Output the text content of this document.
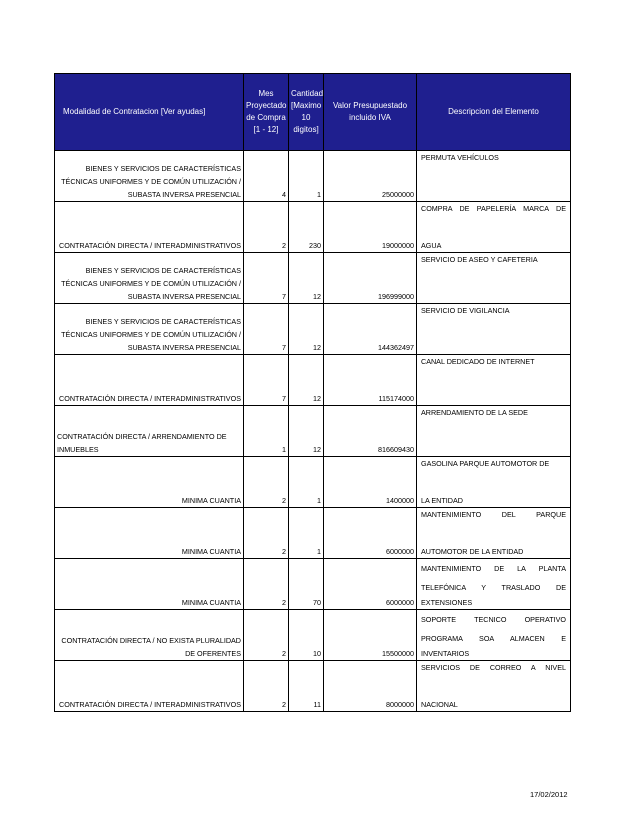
Modalidad de Contratacion [Ver ayudas]	Mes Proyectado de Compra [1 - 12]	Cantidad [Maximo 10 digitos]	Valor Presupuestado incluido IVA	Descripcion del Elemento
BIENES Y SERVICIOS DE CARACTERÍSTICAS TÉCNICAS UNIFORMES Y DE COMÚN UTILIZACIÓN / SUBASTA INVERSA PRESENCIAL	4	1	25000000	PERMUTA VEHÍCULOS

CONTRATACIÓN DIRECTA / INTERADMINISTRATIVOS	2	230	19000000	COMPRA DE PAPELERÍA MARCA DE
AGUA

BIENES Y SERVICIOS DE CARACTERÍSTICAS TÉCNICAS UNIFORMES Y DE COMÚN UTILIZACIÓN / SUBASTA INVERSA PRESENCIAL	7	12	196999000	SERVICIO DE ASEO Y CAFETERIA

BIENES Y SERVICIOS DE CARACTERÍSTICAS TÉCNICAS UNIFORMES Y DE COMÚN UTILIZACIÓN / SUBASTA INVERSA PRESENCIAL	7	12	144362497	SERVICIO DE VIGILANCIA

CONTRATACIÓN DIRECTA / INTERADMINISTRATIVOS	7	12	115174000	CANAL DEDICADO DE INTERNET

CONTRATACIÓN DIRECTA / ARRENDAMIENTO DE INMUEBLES	1	12	816609430	ARRENDAMIENTO DE LA SEDE

MINIMA CUANTIA	2	1	1400000	GASOLINA PARQUE AUTOMOTOR DE
LA ENTIDAD

MINIMA CUANTIA	2	1	6000000	MANTENIMIENTO DEL PARQUE
AUTOMOTOR DE LA ENTIDAD

MINIMA CUANTIA	2	70	6000000	MANTENIMIENTO DE LA PLANTA TELEFÓNICA Y TRASLADO DE
EXTENSIONES

CONTRATACIÓN DIRECTA / NO EXISTA PLURALIDAD DE OFERENTES	2	10	15500000	SOPORTE TECNICO OPERATIVO PROGRAMA SOA ALMACEN E
INVENTARIOS

CONTRATACIÓN DIRECTA / INTERADMINISTRATIVOS	2	11	8000000	SERVICIOS DE CORREO A NIVEL
NACIONAL
17/02/2012
